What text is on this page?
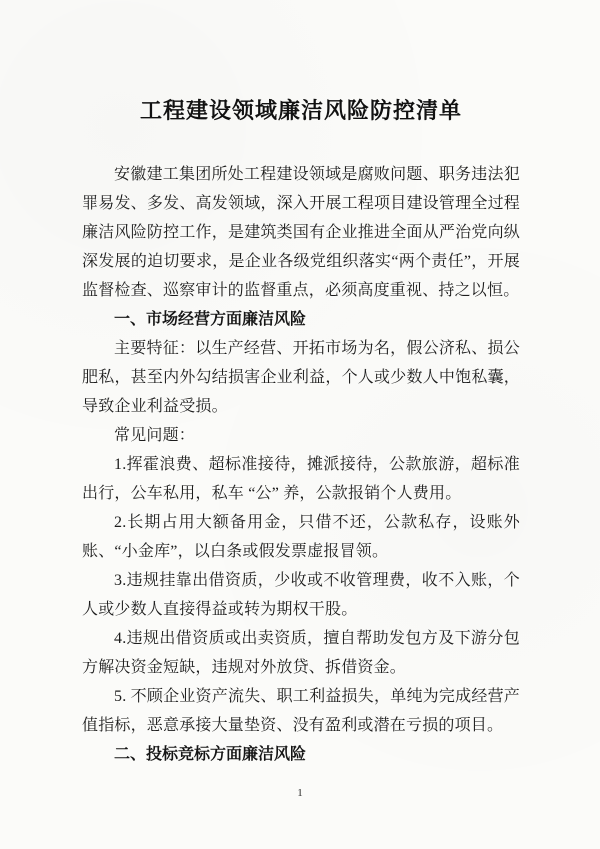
工程建设领域廉洁风险防控清单

安徽建工集团所处工程建设领域是腐败问题、职务违法犯罪易发、多发、高发领域，深入开展工程项目建设管理全过程廉洁风险防控工作，是建筑类国有企业推进全面从严治党向纵深发展的迫切要求，是企业各级党组织落实“两个责任”，开展监督检查、巡察审计的监督重点，必须高度重视、持之以恒。

一、市场经营方面廉洁风险

主要特征：以生产经营、开拓市场为名，假公济私、损公肥私，甚至内外勾结损害企业利益，个人或少数人中饱私囊，导致企业利益受损。

常见问题：

1.挥霍浪费、超标准接待，摊派接待，公款旅游，超标准出行，公车私用，私车 “公” 养，公款报销个人费用。

2.长期占用大额备用金，只借不还，公款私存，设账外账、“小金库”，以白条或假发票虚报冒领。

3.违规挂靠出借资质，少收或不收管理费，收不入账，个人或少数人直接得益或转为期权干股。

4.违规出借资质或出卖资质，擅自帮助发包方及下游分包方解决资金短缺，违规对外放贷、拆借资金。

5. 不顾企业资产流失、职工利益损失，单纯为完成经营产值指标，恶意承接大量垫资、没有盈利或潜在亏损的项目。

二、投标竞标方面廉洁风险
1
